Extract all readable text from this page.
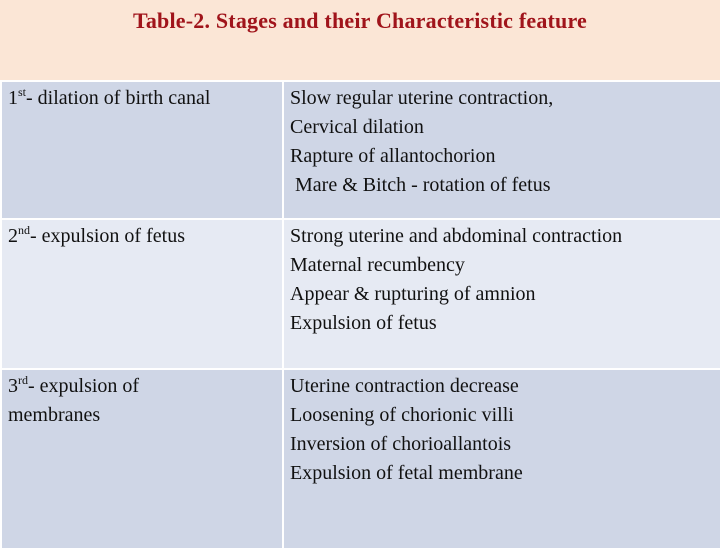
Table-2. Stages and their Characteristic feature
1st- dilation of birth canal	Slow regular uterine contraction,
Cervical dilation
Rapture of allantochorion
Mare & Bitch - rotation of fetus

2nd- expulsion of fetus	Strong uterine and abdominal contraction
Maternal recumbency
Appear & rupturing of amnion
Expulsion of fetus

3rd- expulsion of
membranes	Uterine contraction decrease
Loosening of chorionic villi
Inversion of chorioallantois
Expulsion of fetal membrane
